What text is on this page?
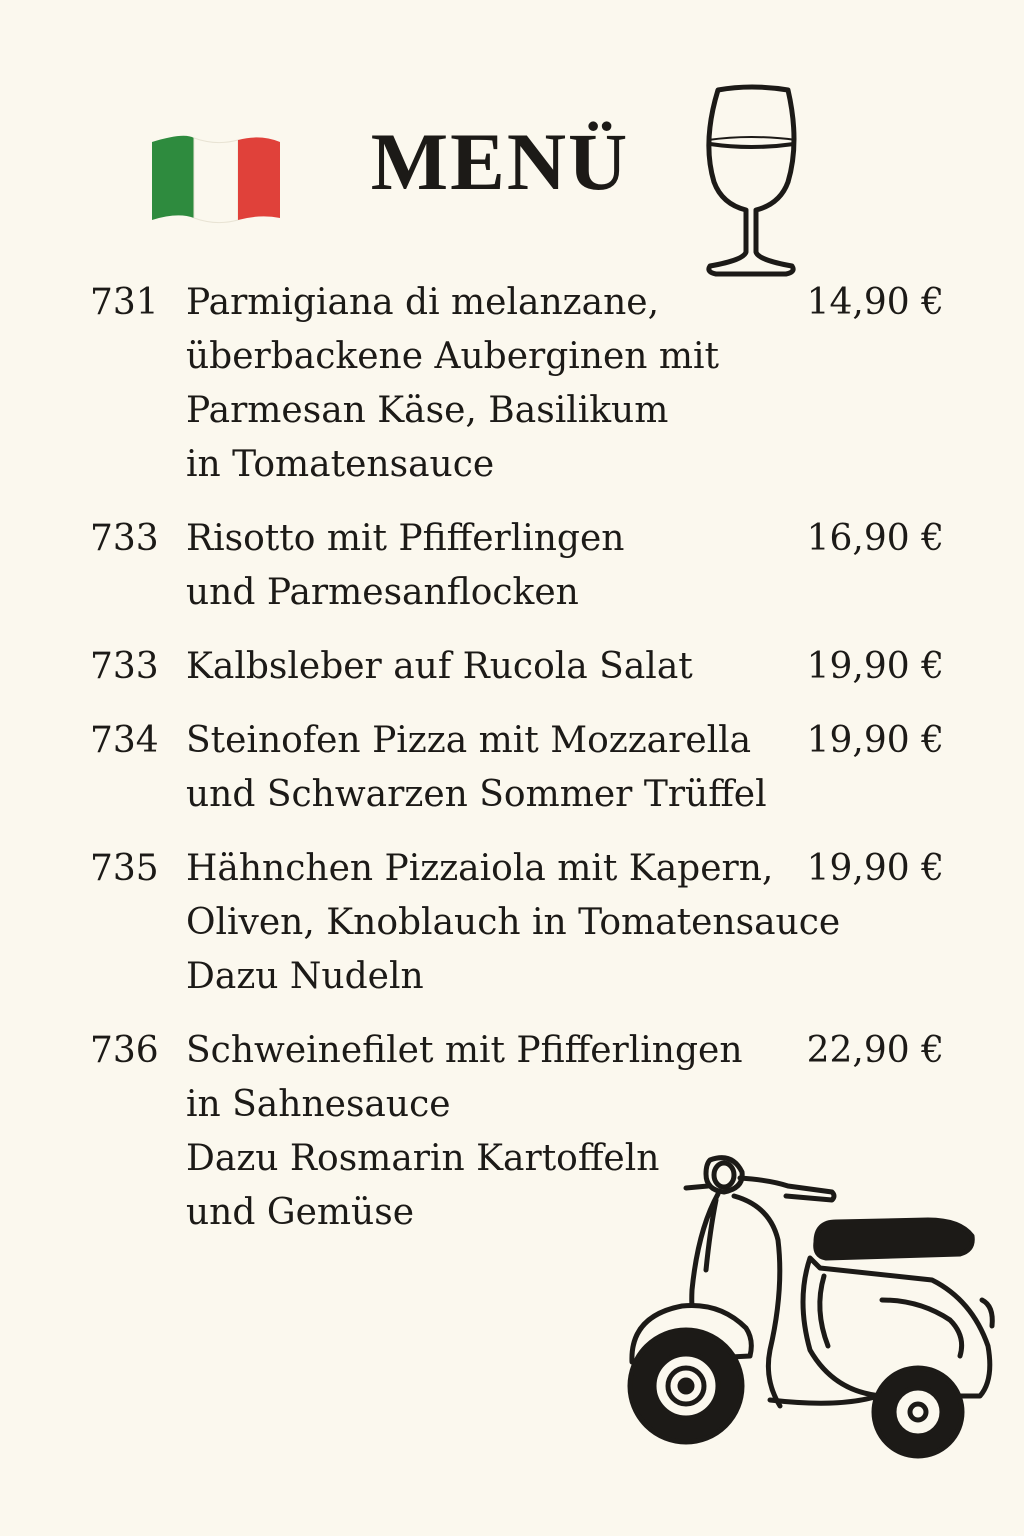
MENÜ
731 Parmigiana di melanzane,
überbackene Auberginen mit
Parmesan Käse, Basilikum
in Tomatensauce
14,90 €
733 Risotto mit Pfifferlingen
und Parmesanflocken
16,90 €
733 Kalbsleber auf Rucola Salat	19,90 €
734 Steinofen Pizza mit Mozzarella
und Schwarzen Sommer Trüffel
19,90 €
735 Hähnchen Pizzaiola mit Kapern,
Oliven, Knoblauch in Tomatensauce
Dazu Nudeln
19,90 €
736 Schweinefilet mit Pfifferlingen
in Sahnesauce
Dazu Rosmarin Kartoffeln
und Gemüse
22,90 €
